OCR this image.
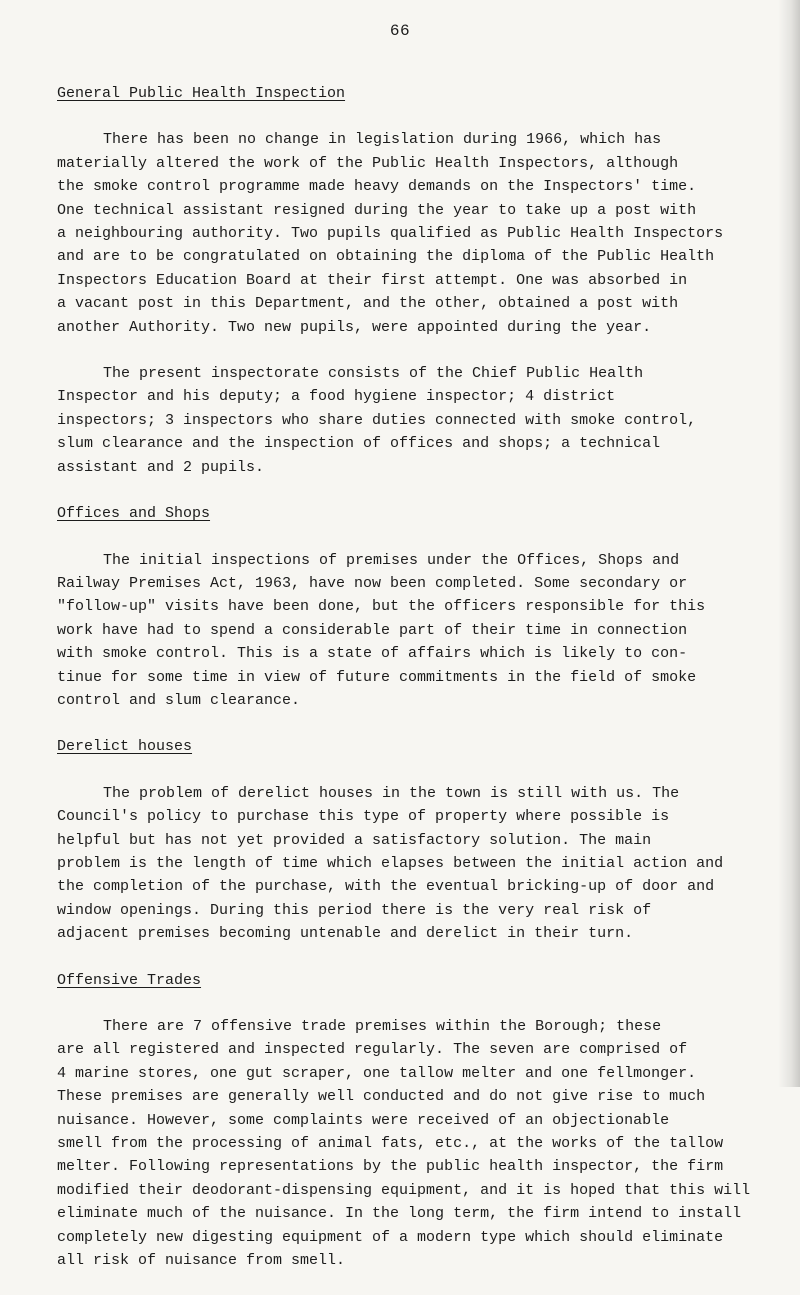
66
General Public Health Inspection
There has been no change in legislation during 1966, which has
materially altered the work of the Public Health Inspectors, although
the smoke control programme made heavy demands on the Inspectors' time.
One technical assistant resigned during the year to take up a post with
a neighbouring authority. Two pupils qualified as Public Health Inspectors
and are to be congratulated on obtaining the diploma of the Public Health
Inspectors Education Board at their first attempt. One was absorbed in
a vacant post in this Department, and the other, obtained a post with
another Authority. Two new pupils, were appointed during the year.
The present inspectorate consists of the Chief Public Health
Inspector and his deputy; a food hygiene inspector; 4 district
inspectors; 3 inspectors who share duties connected with smoke control,
slum clearance and the inspection of offices and shops; a technical
assistant and 2 pupils.
Offices and Shops
The initial inspections of premises under the Offices, Shops and
Railway Premises Act, 1963, have now been completed. Some secondary or
"follow-up" visits have been done, but the officers responsible for this
work have had to spend a considerable part of their time in connection
with smoke control. This is a state of affairs which is likely to con-
tinue for some time in view of future commitments in the field of smoke
control and slum clearance.
Derelict houses
The problem of derelict houses in the town is still with us. The
Council's policy to purchase this type of property where possible is
helpful but has not yet provided a satisfactory solution. The main
problem is the length of time which elapses between the initial action and
the completion of the purchase, with the eventual bricking-up of door and
window openings. During this period there is the very real risk of
adjacent premises becoming untenable and derelict in their turn.
Offensive Trades
There are 7 offensive trade premises within the Borough; these
are all registered and inspected regularly. The seven are comprised of
4 marine stores, one gut scraper, one tallow melter and one fellmonger.
These premises are generally well conducted and do not give rise to much
nuisance. However, some complaints were received of an objectionable
smell from the processing of animal fats, etc., at the works of the tallow
melter. Following representations by the public health inspector, the firm
modified their deodorant-dispensing equipment, and it is hoped that this will
eliminate much of the nuisance. In the long term, the firm intend to install
completely new digesting equipment of a modern type which should eliminate
all risk of nuisance from smell.
